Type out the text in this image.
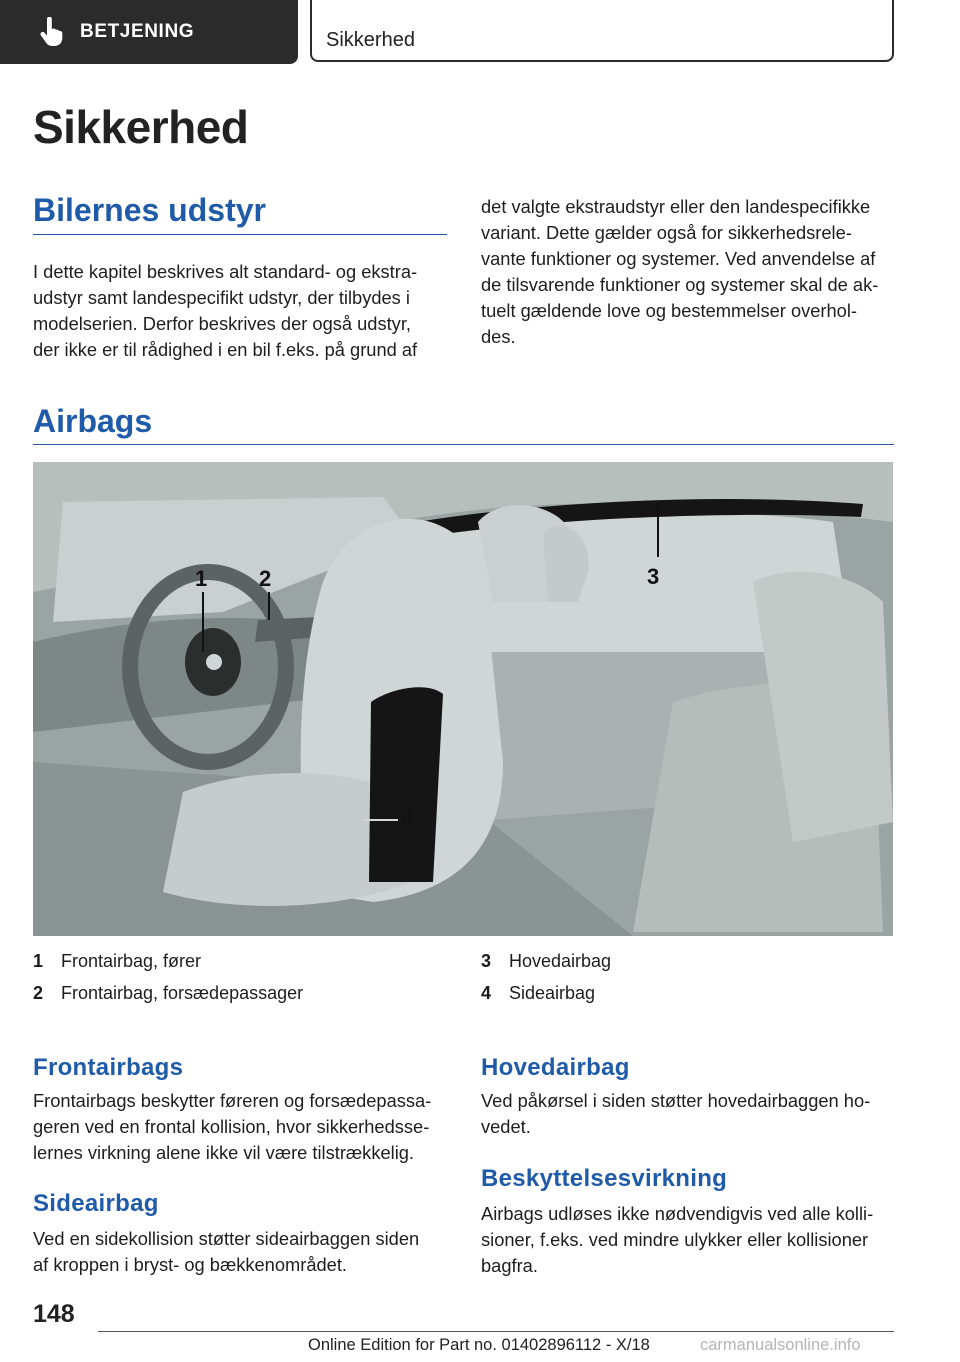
BETJENING	Sikkerhed
Sikkerhed
Bilernes udstyr
I dette kapitel beskrives alt standard- og ekstra-
udstyr samt landespecifikt udstyr, der tilbydes i
modelserien. Derfor beskrives der også udstyr,
der ikke er til rådighed i en bil f.eks. på grund af
det valgte ekstraudstyr eller den landespecifikke
variant. Dette gælder også for sikkerhedsrele-
vante funktioner og systemer. Ved anvendelse af
de tilsvarende funktioner og systemer skal de ak-
tuelt gældende love og bestemmelser overhol-
des.
Airbags
1 2	3
4
1 Frontairbag, fører
2 Frontairbag, forsædepassager
3 Hovedairbag
4 Sideairbag
Frontairbags
Frontairbags beskytter føreren og forsædepassa-
geren ved en frontal kollision, hvor sikkerhedsse-
lernes virkning alene ikke vil være tilstrækkelig.
Sideairbag
Ved en sidekollision støtter sideairbaggen siden
af kroppen i bryst- og bækkenområdet.
Hovedairbag
Ved påkørsel i siden støtter hovedairbaggen ho-
vedet.
Beskyttelsesvirkning
Airbags udløses ikke nødvendigvis ved alle kolli-
sioner, f.eks. ved mindre ulykker eller kollisioner
bagfra.
148
Online Edition for Part no. 01402896112 - X/18	carmanualsonline.info
